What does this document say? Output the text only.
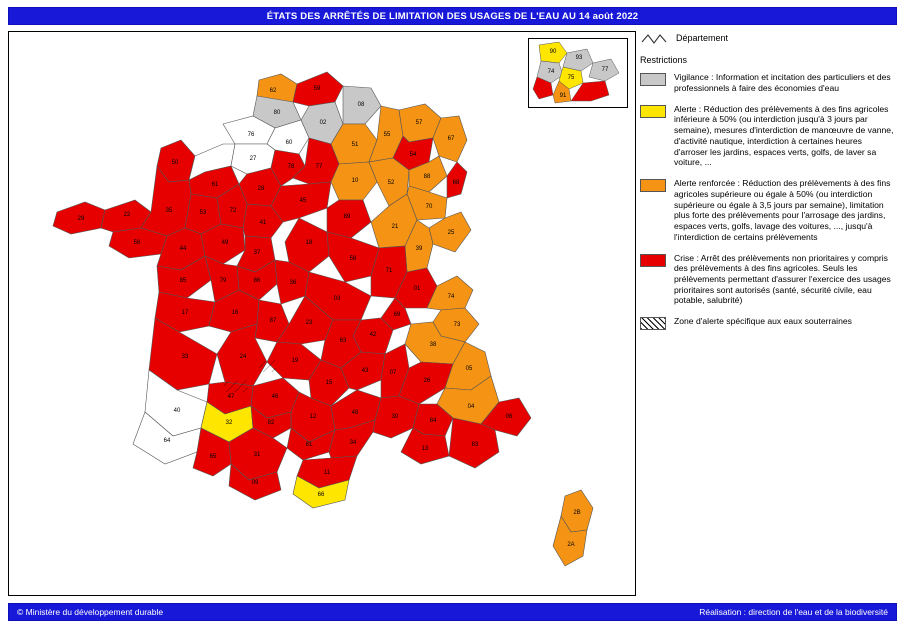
ÉTATS DES ARRÊTÉS DE LIMITATION DES USAGES DE L'EAU AU 14 août 2022
62	59
80
02
08
76
60	51
55
57
67
54
88
68
50
27
61
28
78	77
29
22
35	53	72
41
45
10	52
89
70
21
25
39
56
44
49
37
18
58
71
85	79	86	36
03
01
74
73
69
42
38
17	16
87	23
63
19
24
15
43	07
26
05
04
06
33
47	46
12
48
30
84
13
83
40
32	82
81	34
31
11
64
65
09
66
2B
2A
90
93
77
74
75
91
Département
Restrictions
Vigilance : Information et incitation des particuliers et des professionnels à faire des économies d'eau
Alerte : Réduction des prélèvements à des fins agricoles inférieure à 50% (ou interdiction jusqu'à 3 jours par semaine), mesures d'interdiction de manœuvre de vanne, d'activité nautique, interdiction à certaines heures d'arroser les jardins, espaces verts, golfs, de laver sa voiture, ...
Alerte renforcée : Réduction des prélèvements à des fins agricoles supérieure ou égale à 50% (ou interdiction supérieure ou égale à 3,5 jours par semaine), limitation plus forte des prélèvements pour l'arrosage des jardins, espaces verts, golfs, lavage des voitures, ..., jusqu'à l'interdiction de certains prélèvements
Crise : Arrêt des prélèvements non prioritaires y compris des prélèvements à des fins agricoles. Seuls les prélèvements permettant d'assurer l'exercice des usages prioritaires sont autorisés (santé, sécurité civile, eau potable, salubrité)
Zone d'alerte spécifique aux eaux souterraines
© Ministère du développement durable	Réalisation : direction de l'eau et de la biodiversité
